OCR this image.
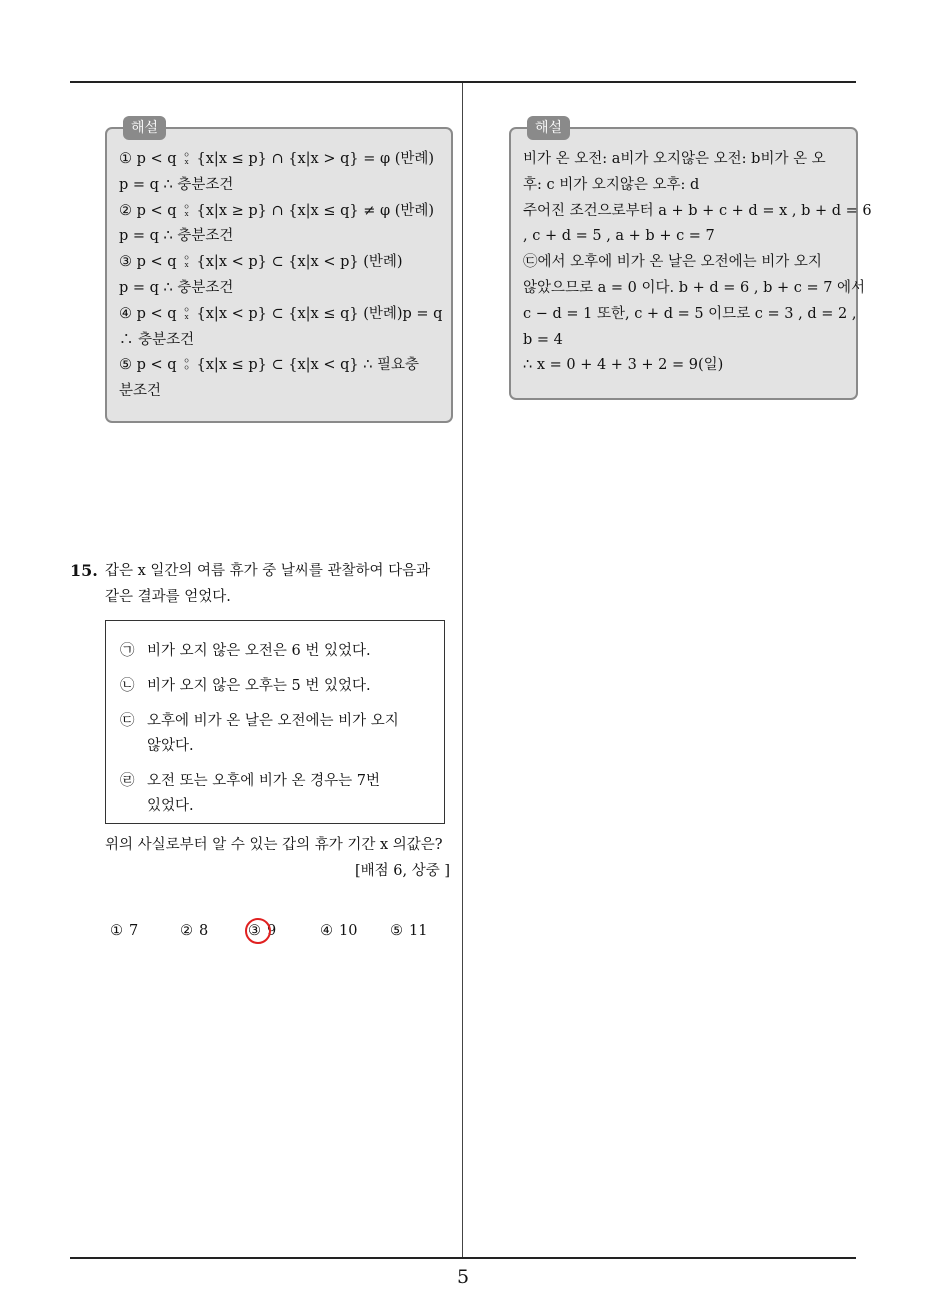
5
해설

① p < q ㅇ
x {x|x ≤ p} ∩ {x|x > q} = φ (반례)

p = q ∴ 충분조건

② p < q ㅇ
x {x|x ≥ p} ∩ {x|x ≤ q} ≠ φ (반례)

p = q ∴ 충분조건

③ p < q ㅇ
x {x|x < p} ⊂ {x|x < p} (반례)

p = q ∴ 충분조건

④ p < q ㅇ
x {x|x < p} ⊂ {x|x ≤ q} (반례)p = q

∴ 충분조건

⑤ p < q ㅇ
ㅇ {x|x ≤ p} ⊂ {x|x < q} ∴ 필요충

분조건

해설

비가 온 오전: a비가 오지않은 오전: b비가 온 오

후: c 비가 오지않은 오후: d

주어진 조건으로부터 a + b + c + d = x , b + d = 6

, c + d = 5 , a + b + c = 7

㉢에서 오후에 비가 온 날은 오전에는 비가 오지

않았으므로 a = 0 이다. b + d = 6 , b + c = 7 에서

c − d = 1 또한, c + d = 5 이므로 c = 3 , d = 2 ,

b = 4

∴ x = 0 + 4 + 3 + 2 = 9(일)

15. 갑은 x 일간의 여름 휴가 중 날씨를 관찰하여 다음과

같은 결과를 얻었다.

㉠ 비가 오지 않은 오전은 6 번 있었다.

㉡ 비가 오지 않은 오후는 5 번 있었다.

㉢ 오후에 비가 온 날은 오전에는 비가 오지

않았다.

㉣ 오전 또는 오후에 비가 온 경우는 7번

있었다.

위의 사실로부터 알 수 있는 갑의 휴가 기간 x 의값은?

[배점 6, 상중 ]

① 7	② 8	③ 9	④ 10 ⑤ 11
